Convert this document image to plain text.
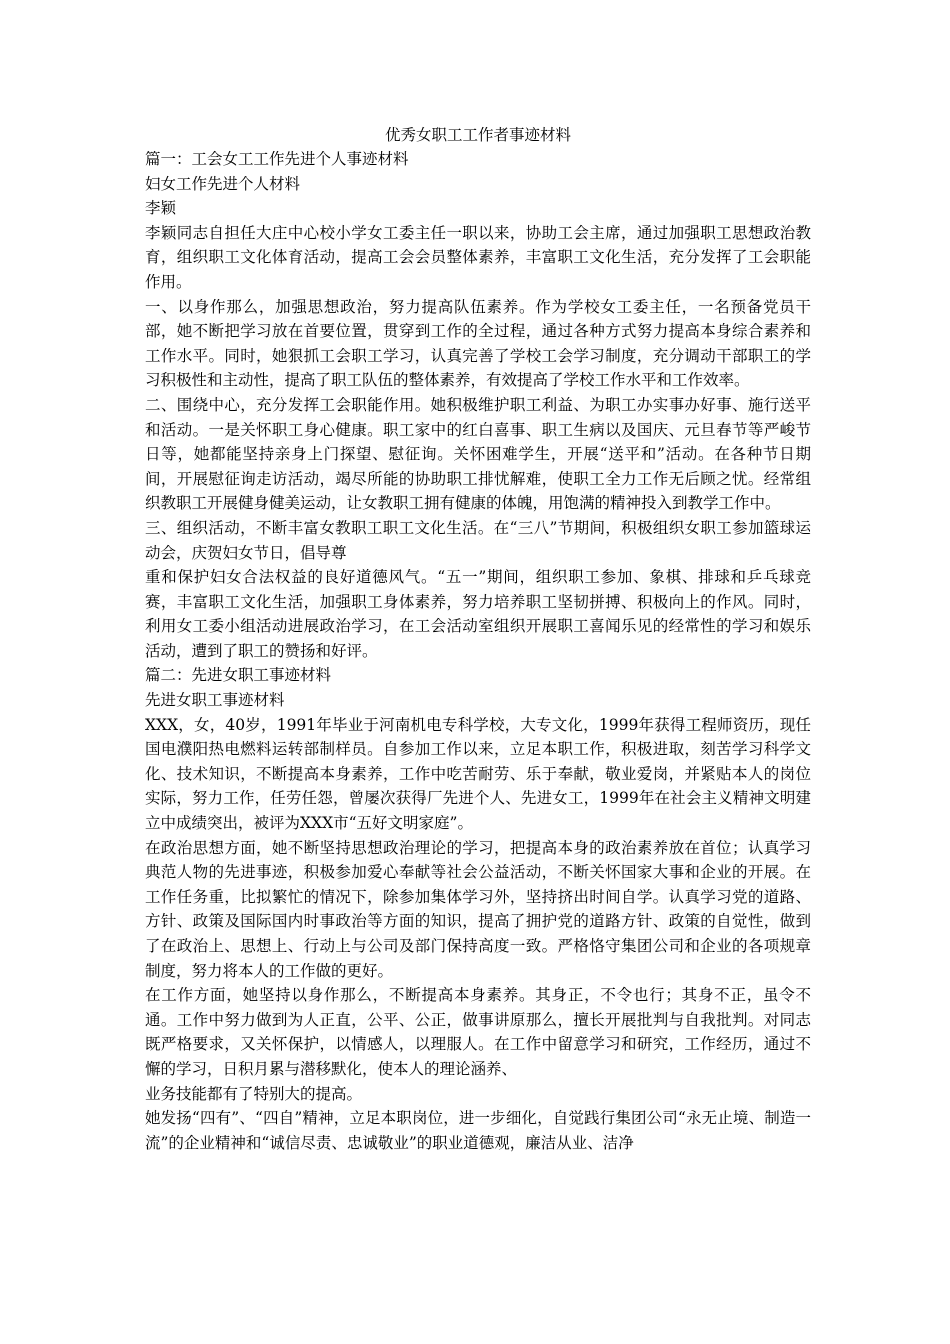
优秀女职工工作者事迹材料

篇一：工会女工工作先进个人事迹材料

妇女工作先进个人材料

李颖

李颖同志自担任大庄中心校小学女工委主任一职以来，协助工会主席，通过加强职工思想政治教育，组织职工文化体育活动，提高工会会员整体素养，丰富职工文化生活，充分发挥了工会职能作用。

一、以身作那么，加强思想政治，努力提高队伍素养。作为学校女工委主任，一名预备党员干部，她不断把学习放在首要位置，贯穿到工作的全过程，通过各种方式努力提高本身综合素养和工作水平。同时，她狠抓工会职工学习，认真完善了学校工会学习制度，充分调动干部职工的学习积极性和主动性，提高了职工队伍的整体素养，有效提高了学校工作水平和工作效率。

二、围绕中心，充分发挥工会职能作用。她积极维护职工利益、为职工办实事办好事、施行送平和活动。一是关怀职工身心健康。职工家中的红白喜事、职工生病以及国庆、元旦春节等严峻节日等，她都能坚持亲身上门探望、慰征询。关怀困难学生，开展“送平和”活动。在各种节日期间，开展慰征询走访活动，竭尽所能的协助职工排忧解难，使职工全力工作无后顾之忧。经常组织教职工开展健身健美运动，让女教职工拥有健康的体魄，用饱满的精神投入到教学工作中。

三、组织活动，不断丰富女教职工职工文化生活。在“三八”节期间，积极组织女职工参加篮球运动会，庆贺妇女节日，倡导尊

重和保护妇女合法权益的良好道德风气。“五一”期间，组织职工参加、象棋、排球和乒乓球竞赛，丰富职工文化生活，加强职工身体素养，努力培养职工坚韧拼搏、积极向上的作风。同时，利用女工委小组活动进展政治学习，在工会活动室组织开展职工喜闻乐见的经常性的学习和娱乐活动，遭到了职工的赞扬和好评。

篇二：先进女职工事迹材料

先进女职工事迹材料

XXX，女，40岁，1991年毕业于河南机电专科学校，大专文化，1999年获得工程师资历，现任国电濮阳热电燃料运转部制样员。自参加工作以来，立足本职工作，积极进取，刻苦学习科学文化、技术知识，不断提高本身素养，工作中吃苦耐劳、乐于奉献，敬业爱岗，并紧贴本人的岗位实际，努力工作，任劳任怨，曾屡次获得厂先进个人、先进女工，1999年在社会主义精神文明建立中成绩突出，被评为XXX市“五好文明家庭”。

在政治思想方面，她不断坚持思想政治理论的学习，把提高本身的政治素养放在首位；认真学习典范人物的先进事迹，积极参加爱心奉献等社会公益活动，不断关怀国家大事和企业的开展。在工作任务重，比拟繁忙的情况下，除参加集体学习外，坚持挤出时间自学。认真学习党的道路、方针、政策及国际国内时事政治等方面的知识，提高了拥护党的道路方针、政策的自觉性，做到了在政治上、思想上、行动上与公司及部门保持高度一致。严格恪守集团公司和企业的各项规章制度，努力将本人的工作做的更好。

在工作方面，她坚持以身作那么，不断提高本身素养。其身正，不令也行；其身不正，虽令不通。工作中努力做到为人正直，公平、公正，做事讲原那么，擅长开展批判与自我批判。对同志既严格要求，又关怀保护，以情感人，以理服人。在工作中留意学习和研究，工作经历，通过不懈的学习，日积月累与潜移默化，使本人的理论涵养、

业务技能都有了特别大的提高。

她发扬“四有”、“四自”精神，立足本职岗位，进一步细化，自觉践行集团公司“永无止境、制造一流”的企业精神和“诚信尽责、忠诚敬业”的职业道德观，廉洁从业、洁净
